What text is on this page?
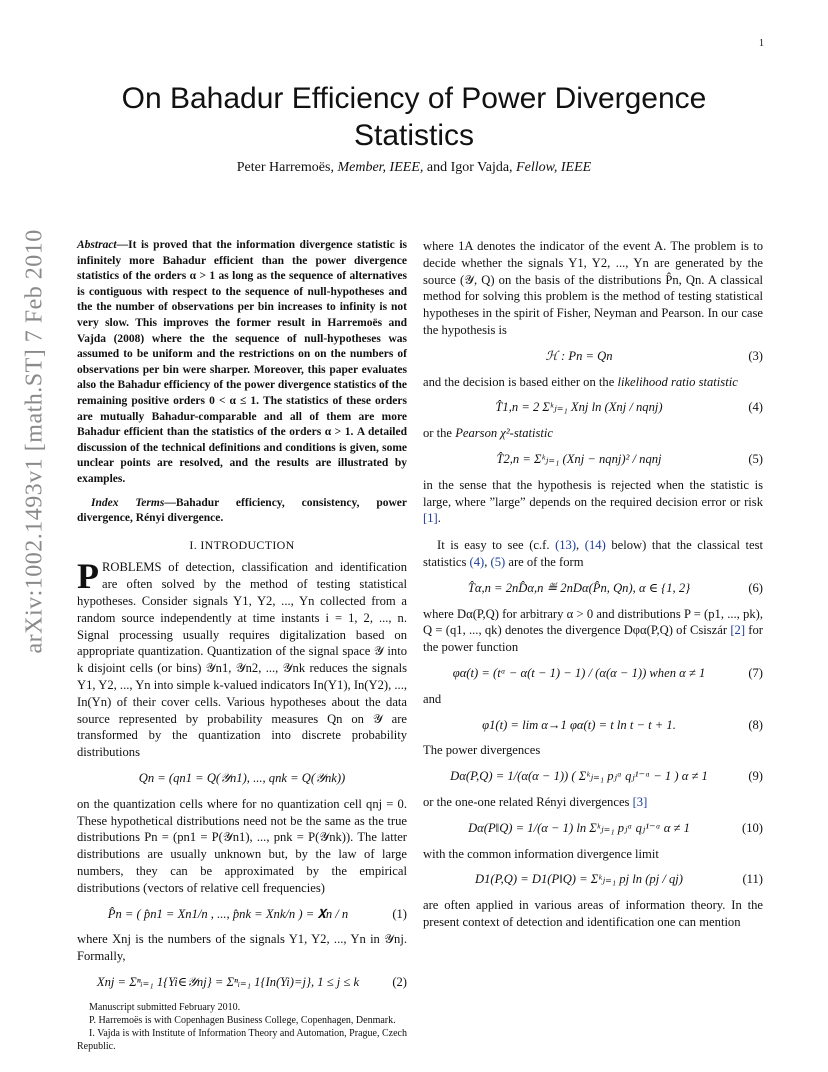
1
arXiv:1002.1493v1 [math.ST] 7 Feb 2010
On Bahadur Efficiency of Power Divergence Statistics
Peter Harremoës, Member, IEEE, and Igor Vajda, Fellow, IEEE

Abstract—It is proved that the information divergence statistic is infinitely more Bahadur efficient than the power divergence statistics of the orders α > 1 as long as the sequence of alternatives is contiguous with respect to the sequence of null-hypotheses and the the number of observations per bin increases to infinity is not very slow. This improves the former result in Harremoës and Vajda (2008) where the the sequence of null-hypotheses was assumed to be uniform and the restrictions on on the numbers of observations per bin were sharper. Moreover, this paper evaluates also the Bahadur efficiency of the power divergence statistics of the remaining positive orders 0 < α ≤ 1. The statistics of these orders are mutually Bahadur-comparable and all of them are more Bahadur efficient than the statistics of the orders α > 1. A detailed discussion of the technical definitions and conditions is given, some unclear points are resolved, and the results are illustrated by examples.

Index Terms—Bahadur efficiency, consistency, power divergence, Rényi divergence.

I. INTRODUCTION

PROBLEMS of detection, classification and identification are often solved by the method of testing statistical hypotheses. Consider signals Y1, Y2, ..., Yn collected from a random source independently at time instants i = 1, 2, ..., n. Signal processing usually requires digitalization based on appropriate quantization. Quantization of the signal space 𝒴 into k disjoint cells (or bins) 𝒴n1, 𝒴n2, ..., 𝒴nk reduces the signals Y1, Y2, ..., Yn into simple k-valued indicators In(Y1), In(Y2), ..., In(Yn) of their cover cells. Various hypotheses about the data source represented by probability measures Qn on 𝒴 are transformed by the quantization into discrete probability distributions

Qn = (qn1 = Q(𝒴n1), ..., qnk = Q(𝒴nk))

on the quantization cells where for no quantization cell qnj = 0. These hypothetical distributions need not be the same as the true distributions Pn = (pn1 = P(𝒴n1), ..., pnk = P(𝒴nk)). The latter distributions are usually unknown but, by the law of large numbers, they can be approximated by the empirical distributions (vectors of relative cell frequencies)

P̂n = ( p̂n1 = Xn1/n , ..., p̂nk = Xnk/n ) = 𝐗n / n	(1)

where Xnj is the numbers of the signals Y1, Y2, ..., Yn in 𝒴nj. Formally,

Xnj = Σⁿᵢ₌₁ 1{Yi∈𝒴nj} = Σⁿᵢ₌₁ 1{In(Yi)=j}, 1 ≤ j ≤ k	(2)

Manuscript submitted February 2010.

P. Harremoës is with Copenhagen Business College, Copenhagen, Denmark.

I. Vajda is with Institute of Information Theory and Automation, Prague, Czech Republic.

where 1A denotes the indicator of the event A. The problem is to decide whether the signals Y1, Y2, ..., Yn are generated by the source (𝒴, Q) on the basis of the distributions P̂n, Qn. A classical method for solving this problem is the method of testing statistical hypotheses in the spirit of Fisher, Neyman and Pearson. In our case the hypothesis is

ℋ : Pn = Qn	(3)

and the decision is based either on the likelihood ratio statistic

T̂1,n = 2 Σᵏⱼ₌₁ Xnj ln (Xnj / nqnj)	(4)

or the Pearson χ²-statistic

T̂2,n = Σᵏⱼ₌₁ (Xnj − nqnj)² / nqnj	(5)

in the sense that the hypothesis is rejected when the statistic is large, where ”large” depends on the required decision error or risk [1].

It is easy to see (c.f. (13), (14) below) that the classical test statistics (4), (5) are of the form

T̂α,n = 2nD̂α,n ≝ 2nDα(P̂n, Qn), α ∈ {1, 2}	(6)

where Dα(P,Q) for arbitrary α > 0 and distributions P = (p1, ..., pk), Q = (q1, ..., qk) denotes the divergence Dφα(P,Q) of Csiszár [2] for the power function

φα(t) = (tᵅ − α(t − 1) − 1) / (α(α − 1)) when α ≠ 1	(7)

and

φ1(t) = lim α→1 φα(t) = t ln t − t + 1.	(8)

The power divergences

Dα(P,Q) = 1/(α(α − 1)) ( Σᵏⱼ₌₁ pⱼᵅ qⱼ¹⁻ᵅ − 1 ) α ≠ 1	(9)

or the one-one related Rényi divergences [3]

Dα(P‖Q) = 1/(α − 1) ln Σᵏⱼ₌₁ pⱼᵅ qⱼ¹⁻ᵅ α ≠ 1	(10)

with the common information divergence limit

D1(P,Q) = D1(P‖Q) = Σᵏⱼ₌₁ pj ln (pj / qj)	(11)

are often applied in various areas of information theory. In the present context of detection and identification one can mention
